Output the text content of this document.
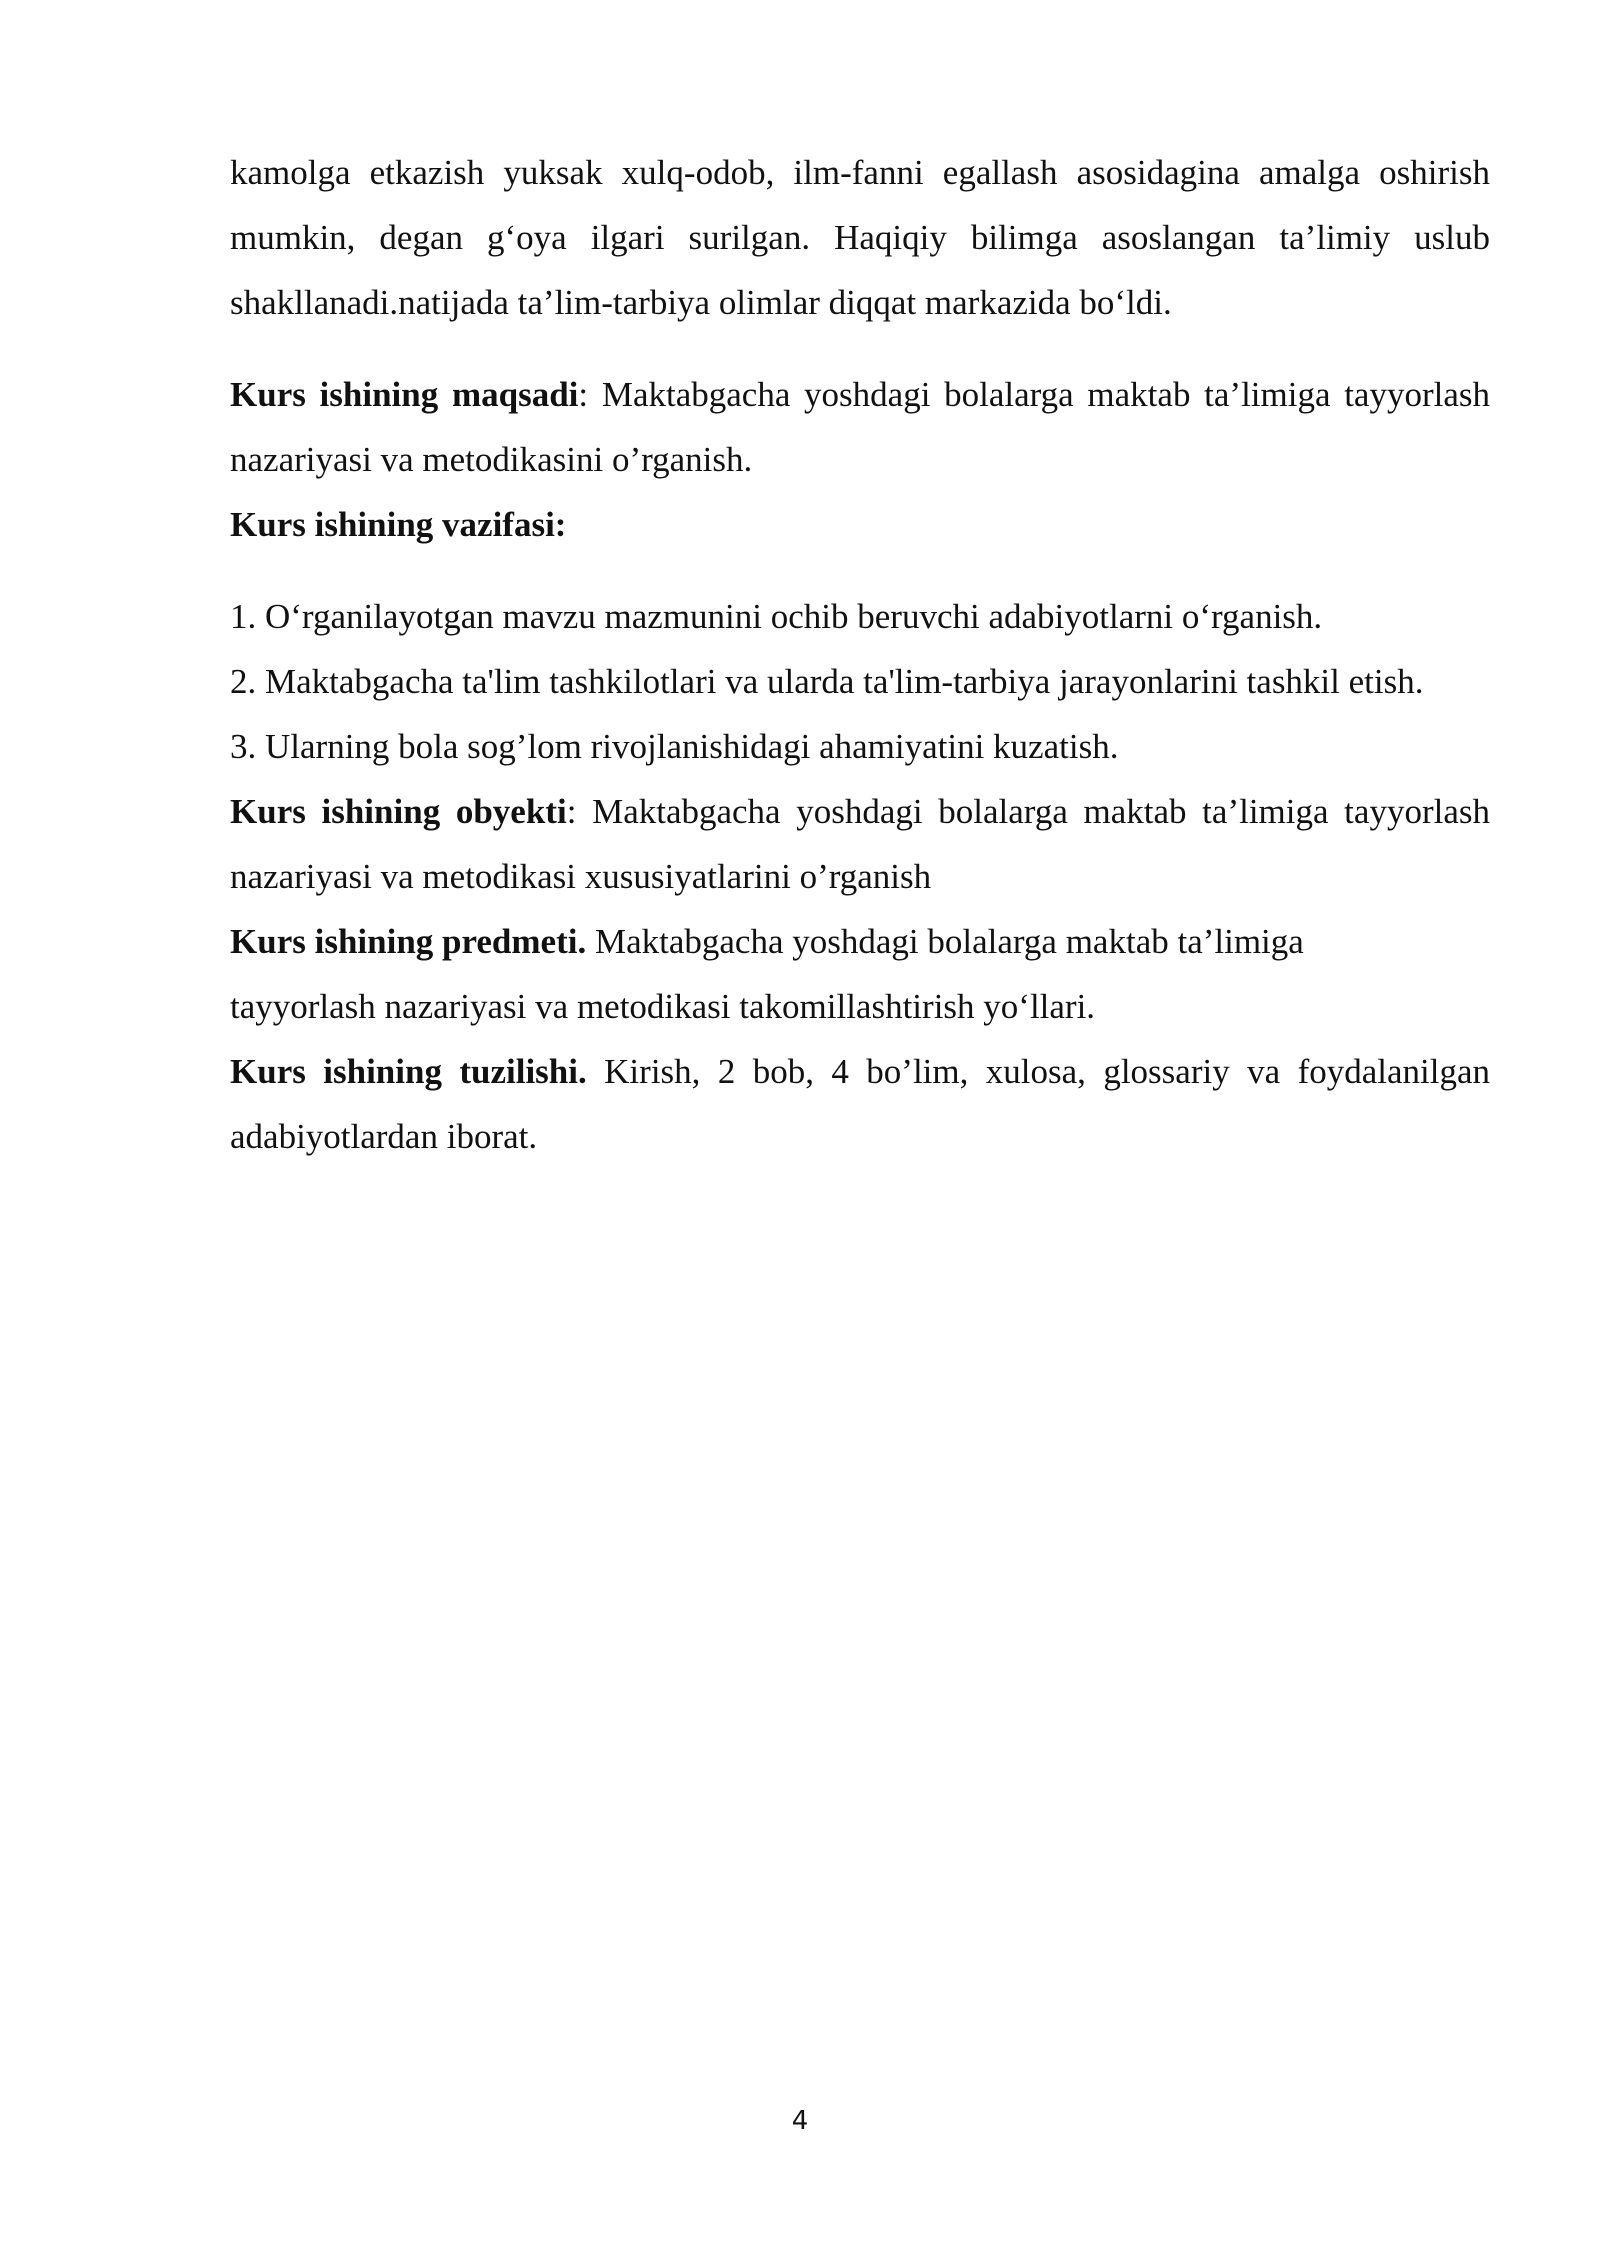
kamolga etkazish yuksak xulq-odob, ilm-fanni egallash asosidagina amalga oshirish mumkin, degan g‘oya ilgari surilgan. Haqiqiy bilimga asoslangan ta’limiy uslub shakllanadi.natijada ta’lim-tarbiya olimlar diqqat markazida bo‘ldi.

Kurs ishining maqsadi: Maktabgacha yoshdagi bolalarga maktab ta’limiga tayyorlash nazariyasi va metodikasini o’rganish.

Kurs ishining vazifasi:

1. O‘rganilayotgan mavzu mazmunini ochib beruvchi adabiyotlarni o‘rganish.

2. Maktabgacha ta'lim tashkilotlari va ularda ta'lim-tarbiya jarayonlarini tashkil etish.

3. Ularning bola sog’lom rivojlanishidagi ahamiyatini kuzatish.

Kurs ishining obyekti: Maktabgacha yoshdagi bolalarga maktab ta’limiga tayyorlash nazariyasi va metodikasi xususiyatlarini o’rganish

Kurs ishining predmeti. Maktabgacha yoshdagi bolalarga maktab ta’limiga
tayyorlash nazariyasi va metodikasi takomillashtirish yo‘llari.

Kurs ishining tuzilishi. Kirish, 2 bob, 4 bo’lim, xulosa, glossariy va foydalanilgan adabiyotlardan iborat.

4
